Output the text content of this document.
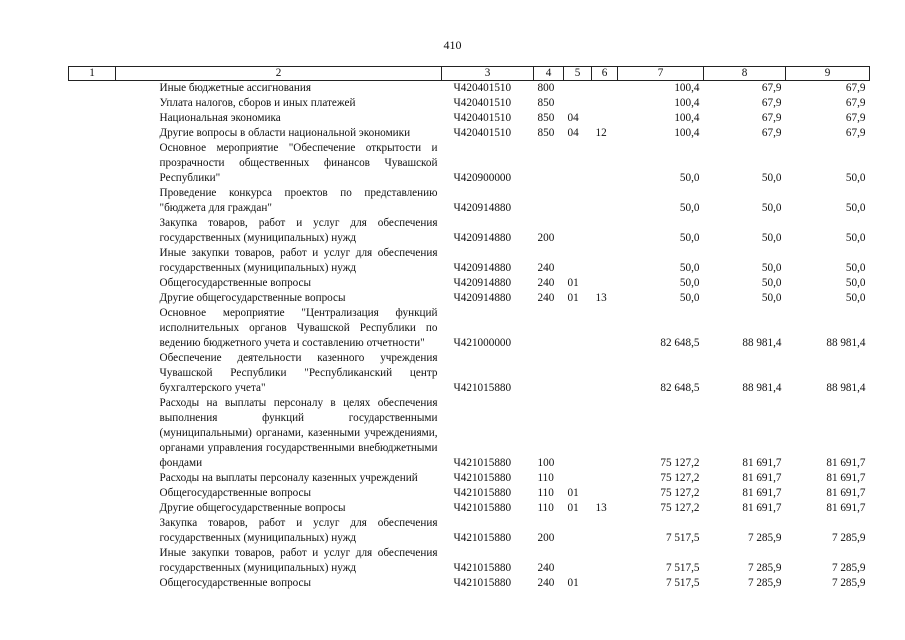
410
1	2	3	4	5	6	7	8	9
	Иные бюджетные ассигнования	Ч420401510	800			100,4	67,9	67,9
	Уплата налогов, сборов и иных платежей	Ч420401510	850			100,4	67,9	67,9
	Национальная экономика	Ч420401510	850	04		100,4	67,9	67,9
	Другие вопросы в области национальной экономики	Ч420401510	850	04	12	100,4	67,9	67,9
	Основное мероприятие "Обеспечение открытости и прозрачности общественных финансов Чувашской Республики"	Ч420900000				50,0	50,0	50,0
	Проведение конкурса проектов по представлению "бюджета для граждан"	Ч420914880				50,0	50,0	50,0
	Закупка товаров, работ и услуг для обеспечения государственных (муниципальных) нужд	Ч420914880	200			50,0	50,0	50,0
	Иные закупки товаров, работ и услуг для обеспечения государственных (муниципальных) нужд	Ч420914880	240			50,0	50,0	50,0
	Общегосударственные вопросы	Ч420914880	240	01		50,0	50,0	50,0
	Другие общегосударственные вопросы	Ч420914880	240	01	13	50,0	50,0	50,0
	Основное мероприятие "Централизация функций исполнительных органов Чувашской Республики по ведению бюджетного учета и составлению отчетности"	Ч421000000				82 648,5	88 981,4	88 981,4
	Обеспечение деятельности казенного учреждения Чувашской Республики "Республиканский центр бухгалтерского учета"	Ч421015880				82 648,5	88 981,4	88 981,4
	Расходы на выплаты персоналу в целях обеспечения выполнения функций государственными (муниципальными) органами, казенными учреждениями, органами управления государственными внебюджетными фондами	Ч421015880	100			75 127,2	81 691,7	81 691,7
	Расходы на выплаты персоналу казенных учреждений	Ч421015880	110			75 127,2	81 691,7	81 691,7
	Общегосударственные вопросы	Ч421015880	110	01		75 127,2	81 691,7	81 691,7
	Другие общегосударственные вопросы	Ч421015880	110	01	13	75 127,2	81 691,7	81 691,7
	Закупка товаров, работ и услуг для обеспечения государственных (муниципальных) нужд	Ч421015880	200			7 517,5	7 285,9	7 285,9
	Иные закупки товаров, работ и услуг для обеспечения государственных (муниципальных) нужд	Ч421015880	240			7 517,5	7 285,9	7 285,9
	Общегосударственные вопросы	Ч421015880	240	01		7 517,5	7 285,9	7 285,9
